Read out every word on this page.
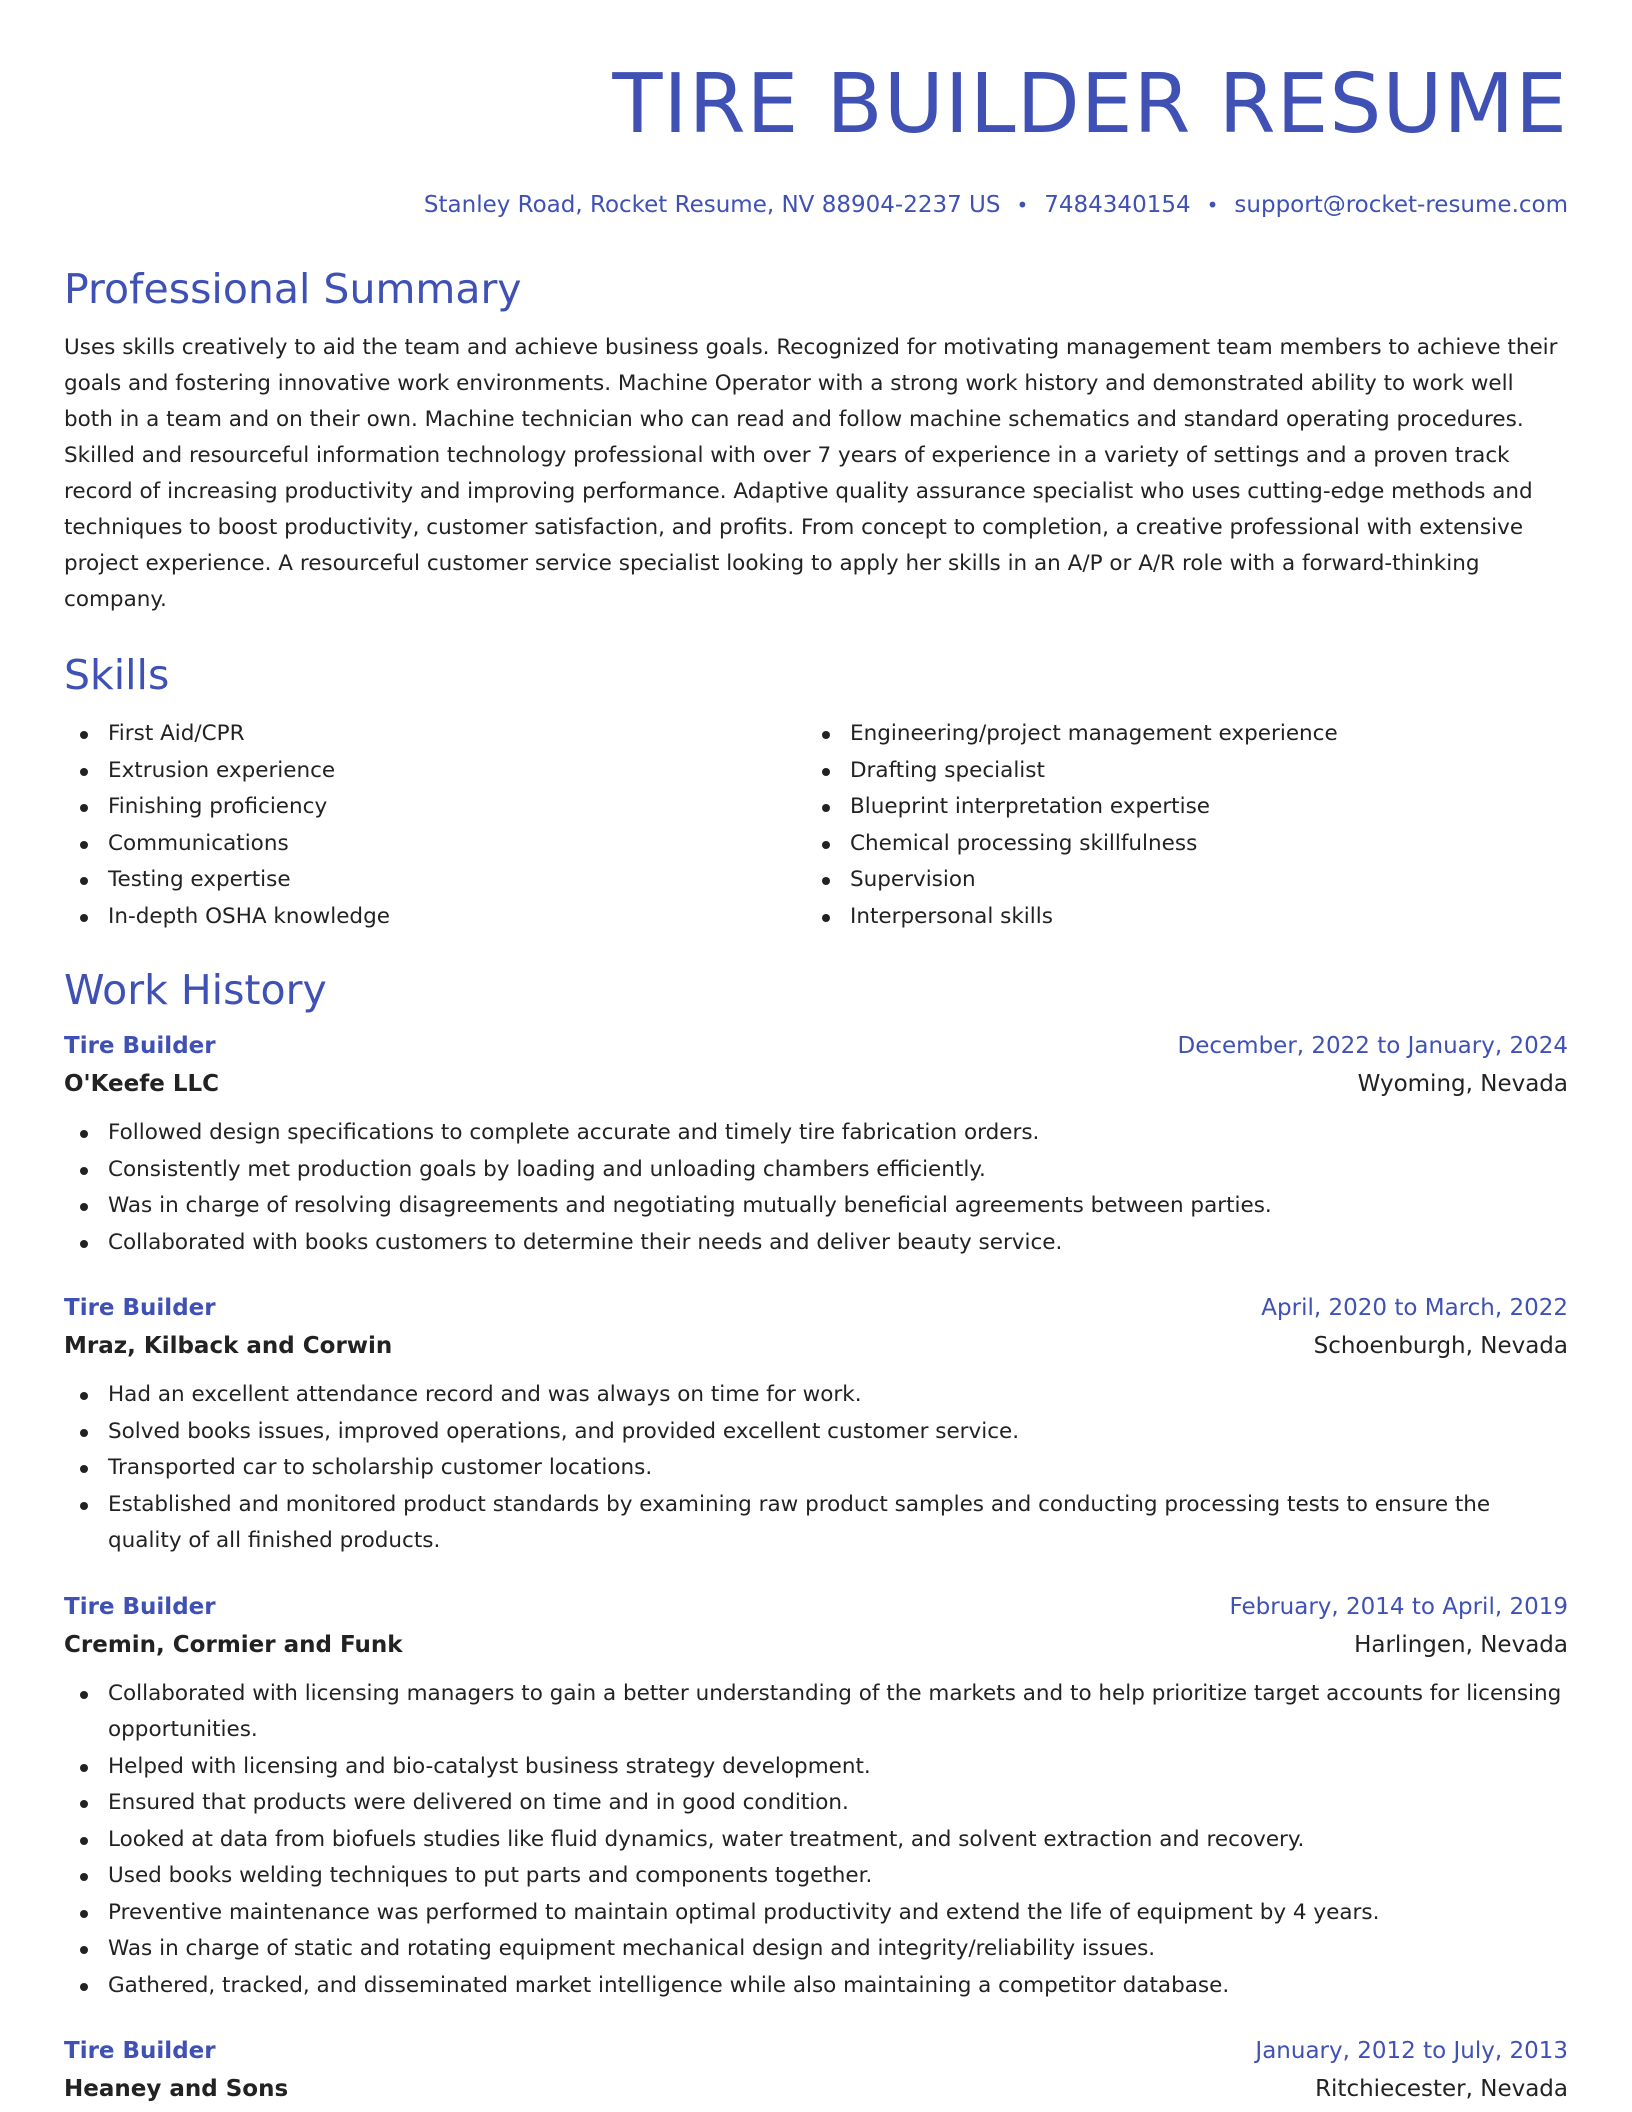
TIRE BUILDER RESUME
Stanley Road, Rocket Resume, NV 88904-2237 US • 7484340154 • support@rocket-resume.com
Professional Summary
Uses skills creatively to aid the team and achieve business goals. Recognized for motivating management team members to achieve their goals and fostering innovative work environments. Machine Operator with a strong work history and demonstrated ability to work well both in a team and on their own. Machine technician who can read and follow machine schematics and standard operating procedures. Skilled and resourceful information technology professional with over 7 years of experience in a variety of settings and a proven track record of increasing productivity and improving performance. Adaptive quality assurance specialist who uses cutting-edge methods and techniques to boost productivity, customer satisfaction, and profits. From concept to completion, a creative professional with extensive project experience. A resourceful customer service specialist looking to apply her skills in an A/P or A/R role with a forward-thinking company.
Skills
First Aid/CPR
Extrusion experience
Finishing proficiency
Communications
Testing expertise
In-depth OSHA knowledge
Engineering/project management experience
Drafting specialist
Blueprint interpretation expertise
Chemical processing skillfulness
Supervision
Interpersonal skills
Work History
Tire Builder	December, 2022 to January, 2024
O'Keefe LLC	Wyoming, Nevada
Followed design specifications to complete accurate and timely tire fabrication orders.
Consistently met production goals by loading and unloading chambers efficiently.
Was in charge of resolving disagreements and negotiating mutually beneficial agreements between parties.
Collaborated with books customers to determine their needs and deliver beauty service.
Tire Builder	April, 2020 to March, 2022
Mraz, Kilback and Corwin	Schoenburgh, Nevada
Had an excellent attendance record and was always on time for work.
Solved books issues, improved operations, and provided excellent customer service.
Transported car to scholarship customer locations.
Established and monitored product standards by examining raw product samples and conducting processing tests to ensure the quality of all finished products.
Tire Builder	February, 2014 to April, 2019
Cremin, Cormier and Funk	Harlingen, Nevada
Collaborated with licensing managers to gain a better understanding of the markets and to help prioritize target accounts for licensing opportunities.
Helped with licensing and bio-catalyst business strategy development.
Ensured that products were delivered on time and in good condition.
Looked at data from biofuels studies like fluid dynamics, water treatment, and solvent extraction and recovery.
Used books welding techniques to put parts and components together.
Preventive maintenance was performed to maintain optimal productivity and extend the life of equipment by 4 years.
Was in charge of static and rotating equipment mechanical design and integrity/reliability issues.
Gathered, tracked, and disseminated market intelligence while also maintaining a competitor database.
Tire Builder	January, 2012 to July, 2013
Heaney and Sons	Ritchiecester, Nevada
